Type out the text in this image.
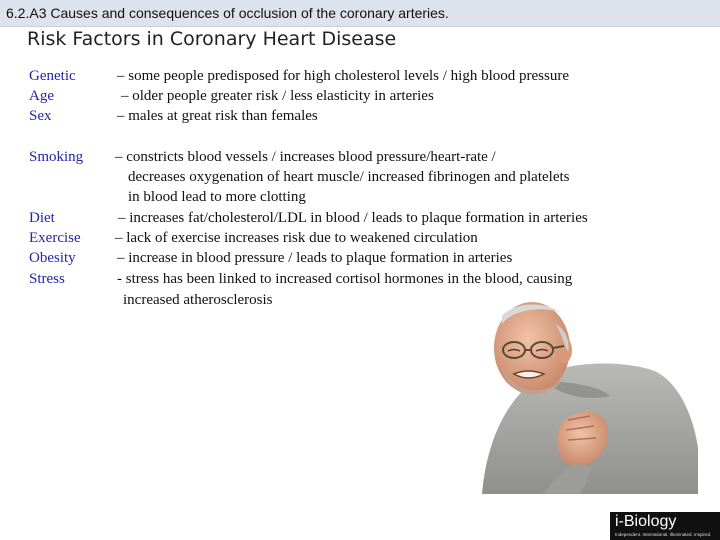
6.2.A3 Causes and consequences of occlusion of the coronary arteries.
Risk Factors in Coronary Heart Disease
Genetic	– some people predisposed for high cholesterol levels / high blood pressure
Age	– older people greater risk / less elasticity in arteries
Sex	– males at great risk than females
Smoking – constricts blood vessels / increases blood pressure/heart-rate /
decreases oxygenation of heart muscle/ increased fibrinogen and platelets
in blood lead to more clotting
Diet	– increases fat/cholesterol/LDL in blood / leads to plaque formation in arteries
Exercise – lack of exercise increases risk due to weakened circulation
Obesity	– increase in blood pressure / leads to plaque formation in arteries
Stress	- stress has been linked to increased cortisol hormones in the blood, causing
increased atherosclerosis
i-Biology
Independent. International. Illuminated. Inspired.
